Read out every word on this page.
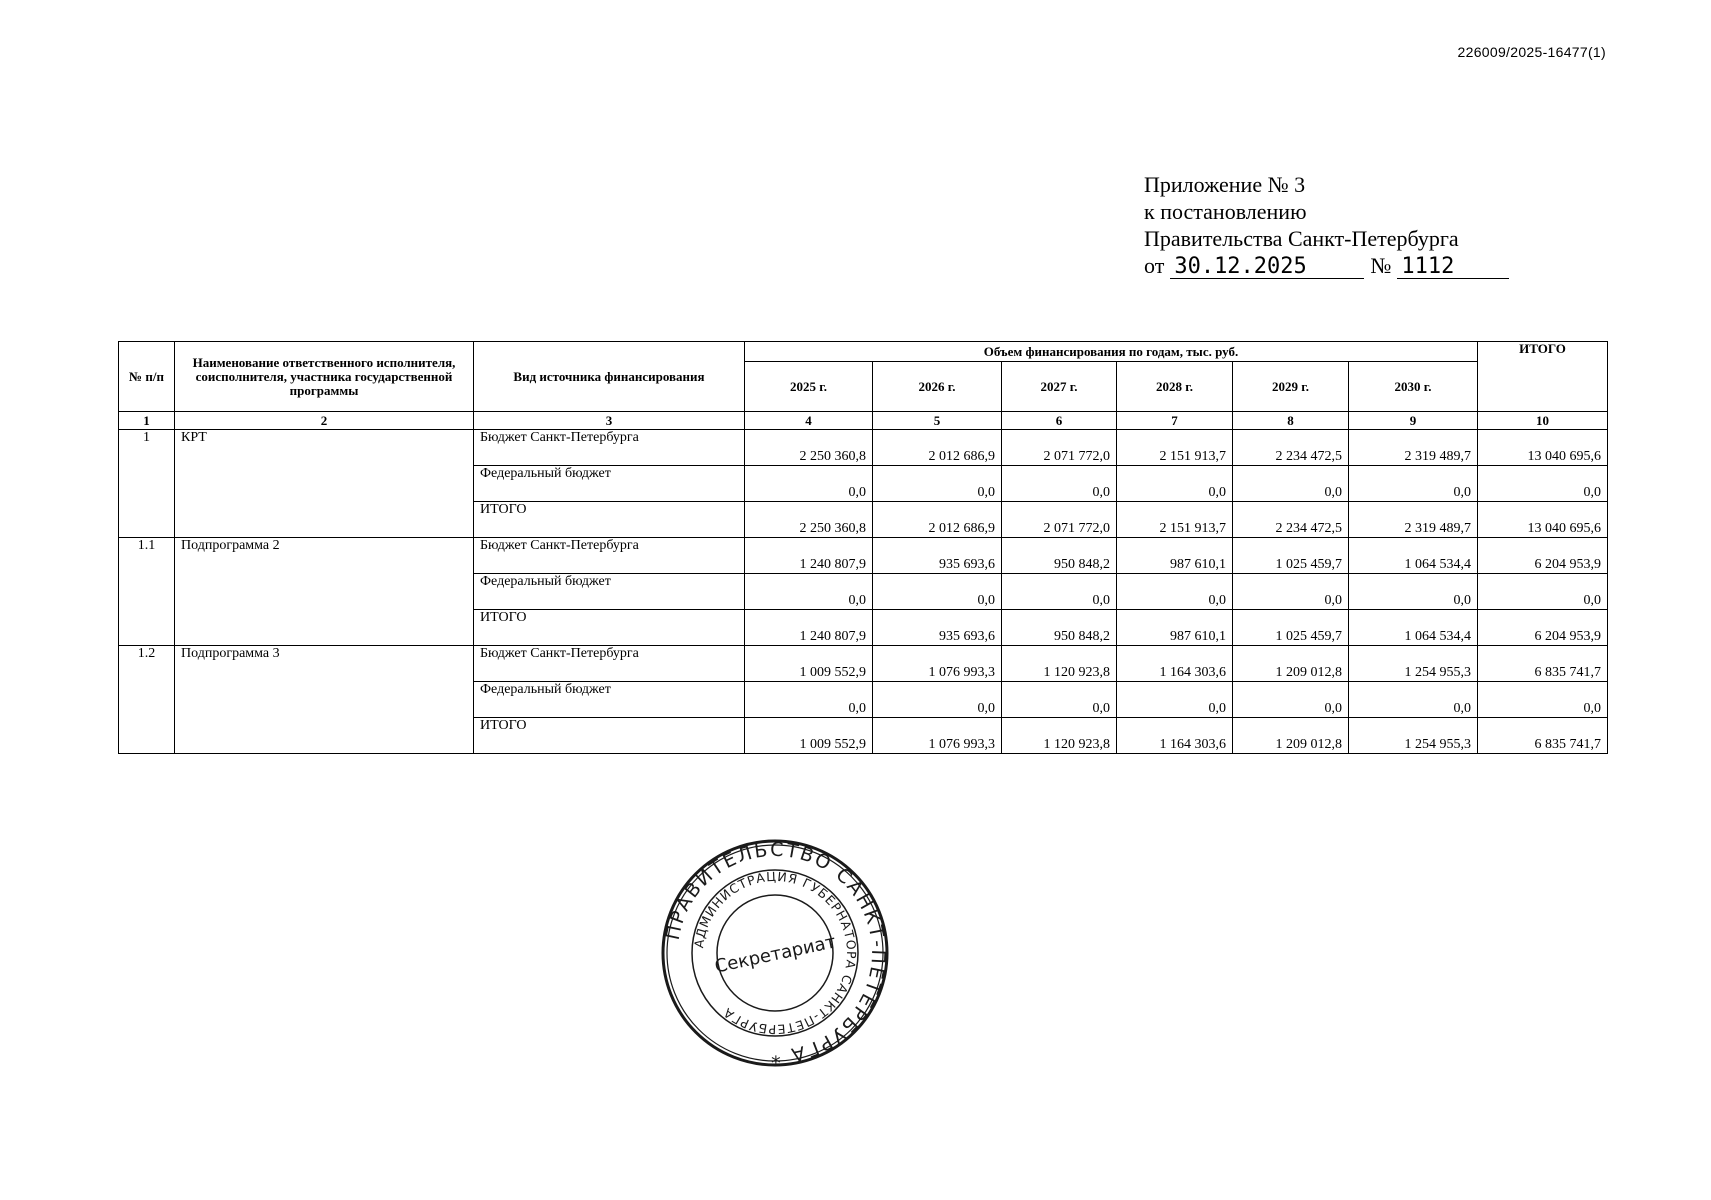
226009/2025-16477(1)
Приложение № 3
к постановлению
Правительства Санкт-Петербурга
от 30.12.2025	№ 1112
№ п/п	Наименование ответственного исполнителя, соисполнителя, участника государственной программы	Вид источника финансирования	Объем финансирования по годам, тыс. руб.						ИТОГО
			2025 г.	2026 г.	2027 г.	2028 г.	2029 г.	2030 г.	
1	2	3	4	5	6	7	8	9	10
1	КРТ	Бюджет Санкт-Петербурга	2 250 360,8	2 012 686,9	2 071 772,0	2 151 913,7	2 234 472,5	2 319 489,7	13 040 695,6
		Федеральный бюджет	0,0	0,0	0,0	0,0	0,0	0,0	0,0
		ИТОГО	2 250 360,8	2 012 686,9	2 071 772,0	2 151 913,7	2 234 472,5	2 319 489,7	13 040 695,6
1.1	Подпрограмма 2	Бюджет Санкт-Петербурга	1 240 807,9	935 693,6	950 848,2	987 610,1	1 025 459,7	1 064 534,4	6 204 953,9
		Федеральный бюджет	0,0	0,0	0,0	0,0	0,0	0,0	0,0
		ИТОГО	1 240 807,9	935 693,6	950 848,2	987 610,1	1 025 459,7	1 064 534,4	6 204 953,9
1.2	Подпрограмма 3	Бюджет Санкт-Петербурга	1 009 552,9	1 076 993,3	1 120 923,8	1 164 303,6	1 209 012,8	1 254 955,3	6 835 741,7
		Федеральный бюджет	0,0	0,0	0,0	0,0	0,0	0,0	0,0
		ИТОГО	1 009 552,9	1 076 993,3	1 120 923,8	1 164 303,6	1 209 012,8	1 254 955,3	6 835 741,7
ПРАВИТЕЛЬСТВО САНКТ-ПЕТЕРБУРГА *
АДМИНИСТРАЦИЯ ГУБЕРНАТОРА САНКТ-ПЕТЕРБУРГА
Секретариат
